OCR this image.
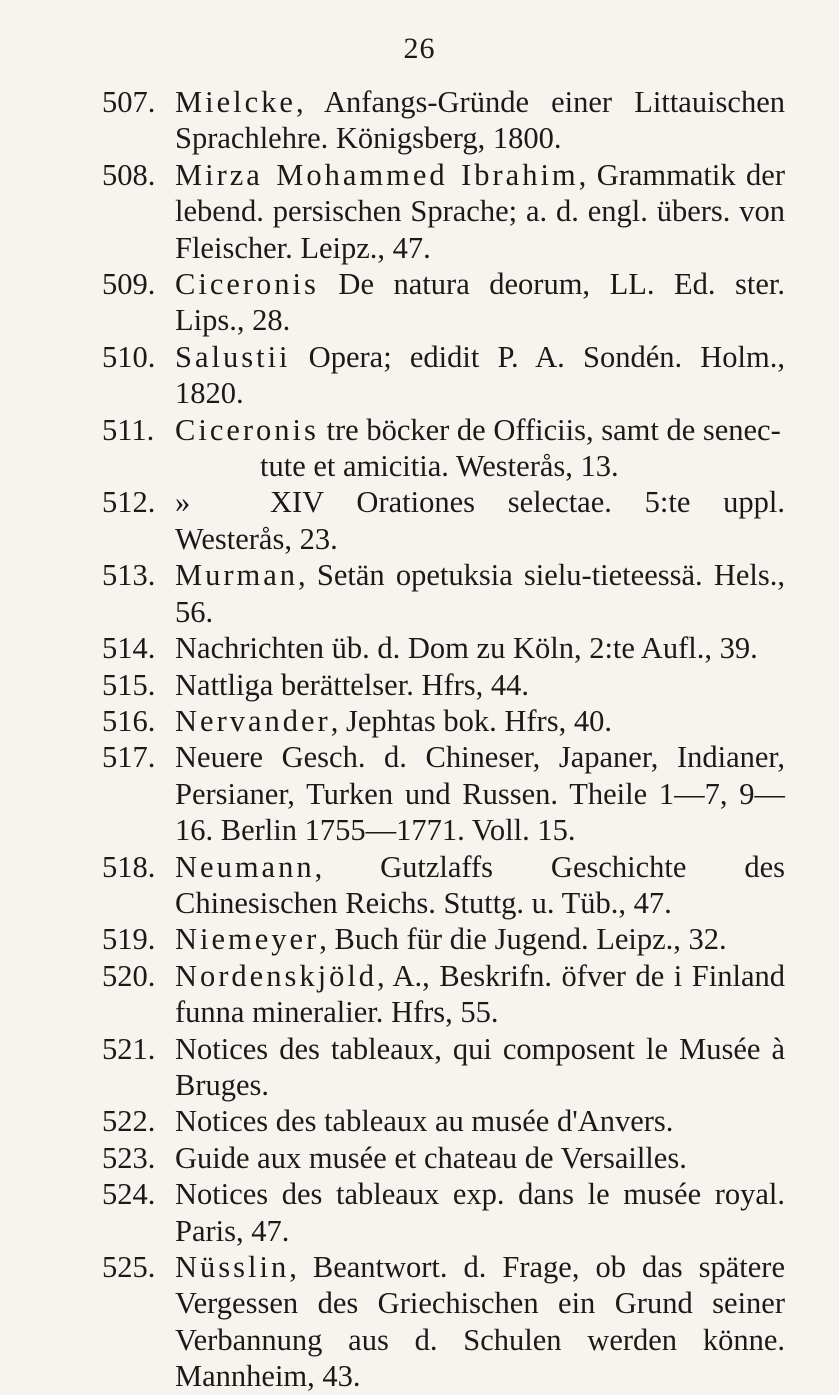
26
507. Mielcke, Anfangs-Gründe einer Littauischen Sprachlehre. Königsberg, 1800.
508. Mirza Mohammed Ibrahim, Grammatik der lebend. persischen Sprache; a. d. engl. übers. von Fleischer. Leipz., 47.
509. Ciceronis De natura deorum, LL. Ed. ster. Lips., 28.
510. Salustii Opera; edidit P. A. Sondén. Holm., 1820.
511. Ciceronis tre böcker de Officiis, samt de senec-
tute et amicitia. Westerås, 13.
512. »	XIV Orationes selectae. 5:te uppl. Westerås, 23.
513. Murman, Setän opetuksia sielu-tieteessä. Hels., 56.
514. Nachrichten üb. d. Dom zu Köln, 2:te Aufl., 39.
515. Nattliga berättelser. Hfrs, 44.
516. Nervander, Jephtas bok. Hfrs, 40.
517. Neuere Gesch. d. Chineser, Japaner, Indianer, Persianer, Turken und Russen. Theile 1—7, 9—16. Berlin 1755—1771. Voll. 15.
518. Neumann, Gutzlaffs Geschichte des Chinesischen Reichs. Stuttg. u. Tüb., 47.
519. Niemeyer, Buch für die Jugend. Leipz., 32.
520. Nordenskjöld, A., Beskrifn. öfver de i Finland funna mineralier. Hfrs, 55.
521. Notices des tableaux, qui composent le Musée à Bruges.
522. Notices des tableaux au musée d'Anvers.
523. Guide aux musée et chateau de Versailles.
524. Notices des tableaux exp. dans le musée royal. Paris, 47.
525. Nüsslin, Beantwort. d. Frage, ob das spätere Vergessen des Griechischen ein Grund seiner Verbannung aus d. Schulen werden könne. Mannheim, 43.
